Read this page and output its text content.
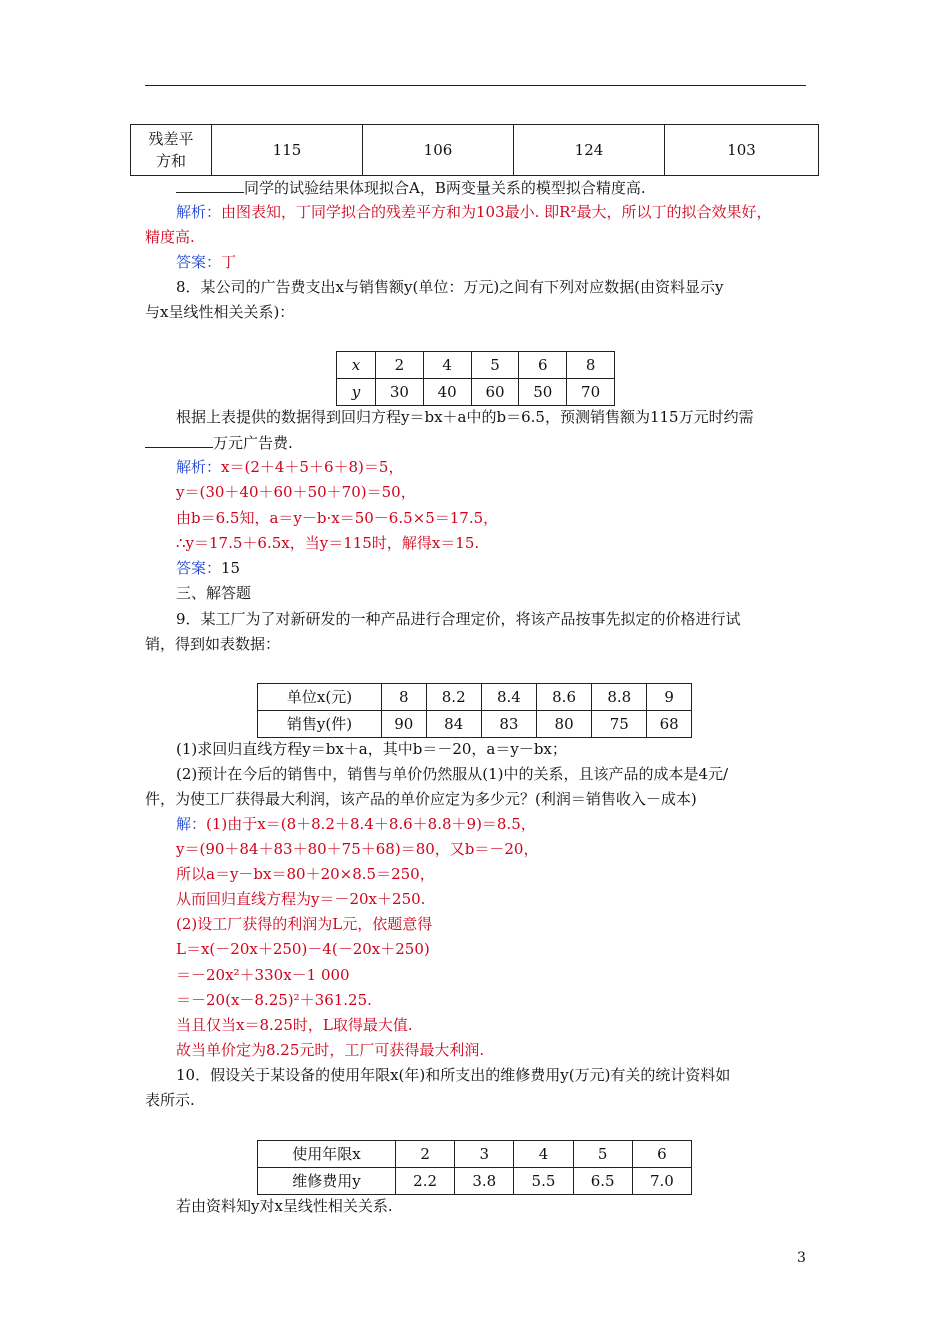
残差平
方和
	115	106	124	103
同学的试验结果体现拟合A，B两变量关系的模型拟合精度高.
解析：由图表知，丁同学拟合的残差平方和为103最小. 即R²最大，所以丁的拟合效果好，
精度高.
答案：丁
8．某公司的广告费支出x与销售额y(单位：万元)之间有下列对应数据(由资料显示y
与x呈线性相关关系)：
x	2	4	5	6	8
y	30	40	60	50	70
根据上表提供的数据得到回归方程y＝bx＋a中的b＝6.5，预测销售额为115万元时约需
万元广告费.
解析：x＝(2＋4＋5＋6＋8)＝5，
y＝(30＋40＋60＋50＋70)＝50，
由b＝6.5知，a＝y－b·x＝50－6.5×5＝17.5，
∴y＝17.5＋6.5x，当y＝115时，解得x＝15.
答案：15
三、解答题
9．某工厂为了对新研发的一种产品进行合理定价，将该产品按事先拟定的价格进行试
销，得到如表数据：
单位x(元)	8	8.2	8.4	8.6	8.8	9
销售y(件)	90	84	83	80	75	68
(1)求回归直线方程y＝bx＋a，其中b＝－20，a＝y－bx；
(2)预计在今后的销售中，销售与单价仍然服从(1)中的关系，且该产品的成本是4元/
件，为使工厂获得最大利润，该产品的单价应定为多少元？(利润＝销售收入－成本)
解：(1)由于x＝(8＋8.2＋8.4＋8.6＋8.8＋9)＝8.5，
y＝(90＋84＋83＋80＋75＋68)＝80，又b＝－20，
所以a＝y－bx＝80＋20×8.5＝250，
从而回归直线方程为y＝－20x＋250.
(2)设工厂获得的利润为L元，依题意得
L＝x(－20x＋250)－4(－20x＋250)
＝－20x²＋330x－1 000
＝－20(x－8.25)²＋361.25.
当且仅当x＝8.25时，L取得最大值.
故当单价定为8.25元时，工厂可获得最大利润.
10．假设关于某设备的使用年限x(年)和所支出的维修费用y(万元)有关的统计资料如
表所示.
使用年限x	2	3	4	5	6
维修费用y	2.2	3.8	5.5	6.5	7.0
若由资料知y对x呈线性相关关系.
3
